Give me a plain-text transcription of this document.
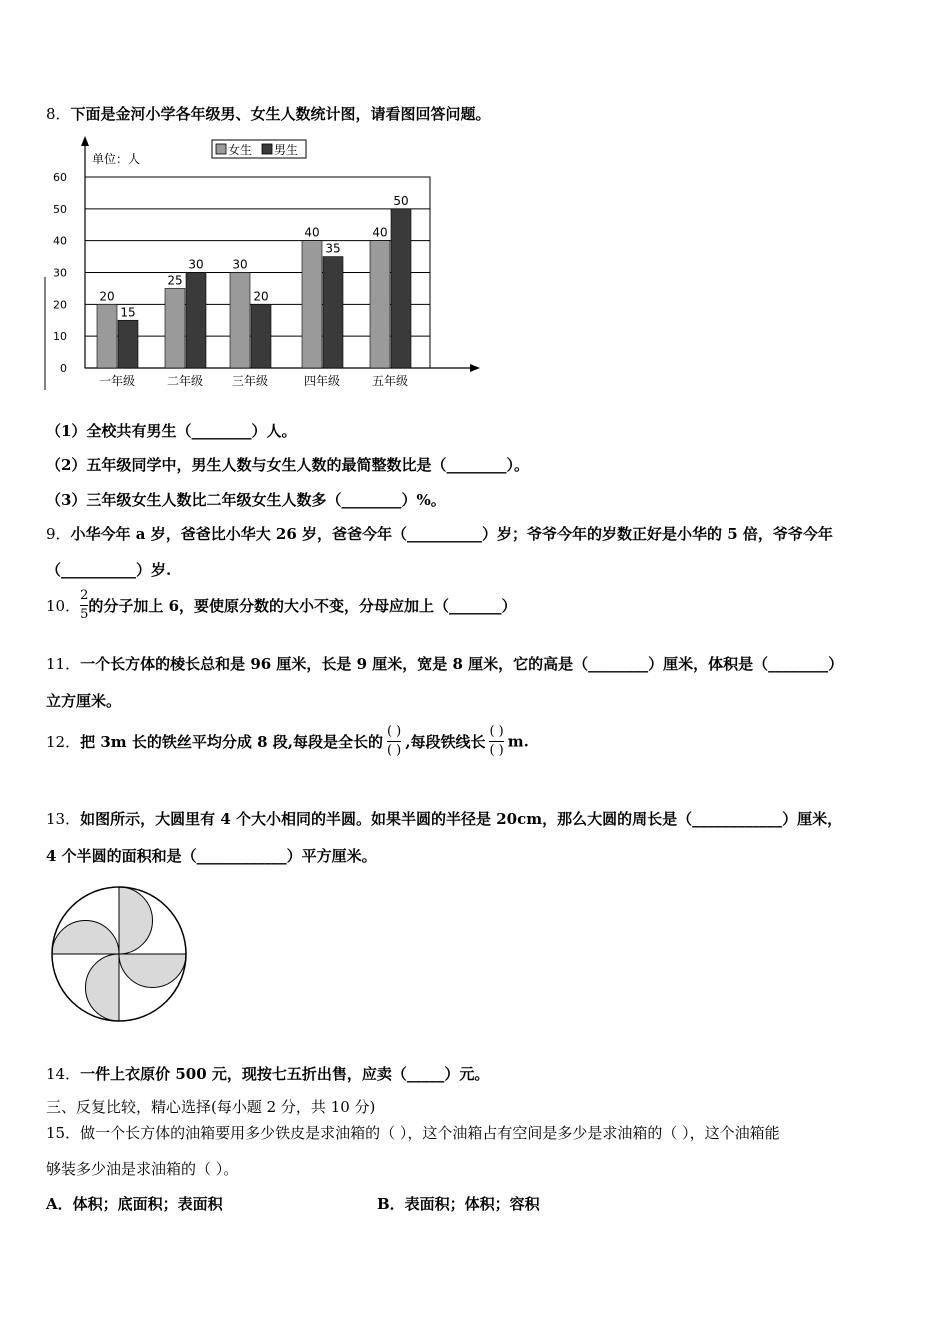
8．下面是金河小学各年级男、女生人数统计图，请看图回答问题。
0
10
20
30
40
50
60
单位：人
女生 男生
20
15
一年级
25
30
二年级
30
20
三年级
40
35
四年级
40
50
五年级
（1）全校共有男生（________）人。
（2）五年级同学中，男生人数与女生人数的最简整数比是（________）。
（3）三年级女生人数比二年级女生人数多（________）%。
9．小华今年 a 岁，爸爸比小华大 26 岁，爸爸今年（__________）岁；爷爷今年的岁数正好是小华的 5 倍，爷爷今年
（__________）岁.
10． $\frac{2}{5}$ 的分子加上 6，要使原分数的大小不变，分母应加上（_______）
11．一个长方体的棱长总和是 96 厘米，长是 9 厘米，宽是 8 厘米，它的高是（________）厘米，体积是（________）
立方厘米。
12．把 3m 长的铁丝平均分成 8 段,每段是全长的 $\frac{( )}{( )}$ ,每段铁线长 $\frac{( )}{( )} m$.
13．如图所示，大圆里有 4 个大小相同的半圆。如果半圆的半径是 20cm，那么大圆的周长是（____________）厘米，
4 个半圆的面积和是（____________）平方厘米。
14．一件上衣原价 500 元，现按七五折出售，应卖（_____）元。
三、反复比较，精心选择(每小题 2 分，共 10 分)
15．做一个长方体的油箱要用多少铁皮是求油箱的（ ），这个油箱占有空间是多少是求油箱的（ ），这个油箱能
够装多少油是求油箱的（ ）。
A．体积；底面积；表面积	B．表面积；体积；容积
